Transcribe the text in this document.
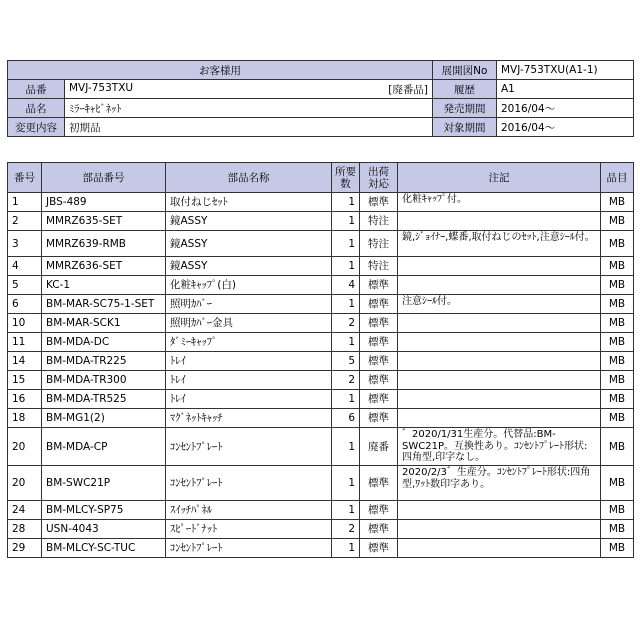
お客様用		展開図No	MVJ-753TXU(A1-1)
品番	MVJ-753TXU [廃番品]	履歴	A1
品名	ﾐﾗｰｷｬﾋﾞﾈｯﾄ	発売期間	2016/04～
変更内容	初期品	対象期間	2016/04～
番号	部品番号	部品名称	所要数	出荷対応	注記	品目
1	JBS-489	取付ねじｾｯﾄ	1	標準	化粧ｷｬｯﾌﾟ付。	MB
2	MMRZ635-SET	鏡ASSY	1	特注		MB
3	MMRZ639-RMB	鏡ASSY	1	特注	鏡,ｼﾞｮｲﾅｰ,蝶番,取付ねじのｾｯﾄ,注意ｼｰﾙ付。	MB
4	MMRZ636-SET	鏡ASSY	1	特注		MB
5	KC-1	化粧ｷｬｯﾌﾟ(白)	4	標準		MB
6	BM-MAR-SC75-1-SET	照明ｶﾊﾞｰ	1	標準	注意ｼｰﾙ付。	MB
10	BM-MAR-SCK1	照明ｶﾊﾞｰ金具	2	標準		MB
11	BM-MDA-DC	ﾀﾞﾐｰｷｬｯﾌﾟ	1	標準		MB
14	BM-MDA-TR225	ﾄﾚｲ	5	標準		MB
15	BM-MDA-TR300	ﾄﾚｲ	2	標準		MB
16	BM-MDA-TR525	ﾄﾚｲ	1	標準		MB
18	BM-MG1(2)	ﾏｸﾞﾈｯﾄｷｬｯﾁ	6	標準		MB
20	BM-MDA-CP	ｺﾝｾﾝﾄﾌﾟﾚｰﾄ	1	廃番	゛2020/1/31生産分。代替品:BM-SWC21P。互換性あり。ｺﾝｾﾝﾄﾌﾟﾚｰﾄ形状:四角型,印字なし。	MB
20	BM-SWC21P	ｺﾝｾﾝﾄﾌﾟﾚｰﾄ	1	標準	2020/2/3゛生産分。ｺﾝｾﾝﾄﾌﾟﾚｰﾄ形状:四角型,ﾜｯﾄ数印字あり。	MB
24	BM-MLCY-SP75	ｽｲｯﾁﾊﾟﾈﾙ	1	標準		MB
28	USN-4043	ｽﾋﾟｰﾄﾞﾅｯﾄ	2	標準		MB
29	BM-MLCY-SC-TUC	ｺﾝｾﾝﾄﾌﾟﾚｰﾄ	1	標準		MB
